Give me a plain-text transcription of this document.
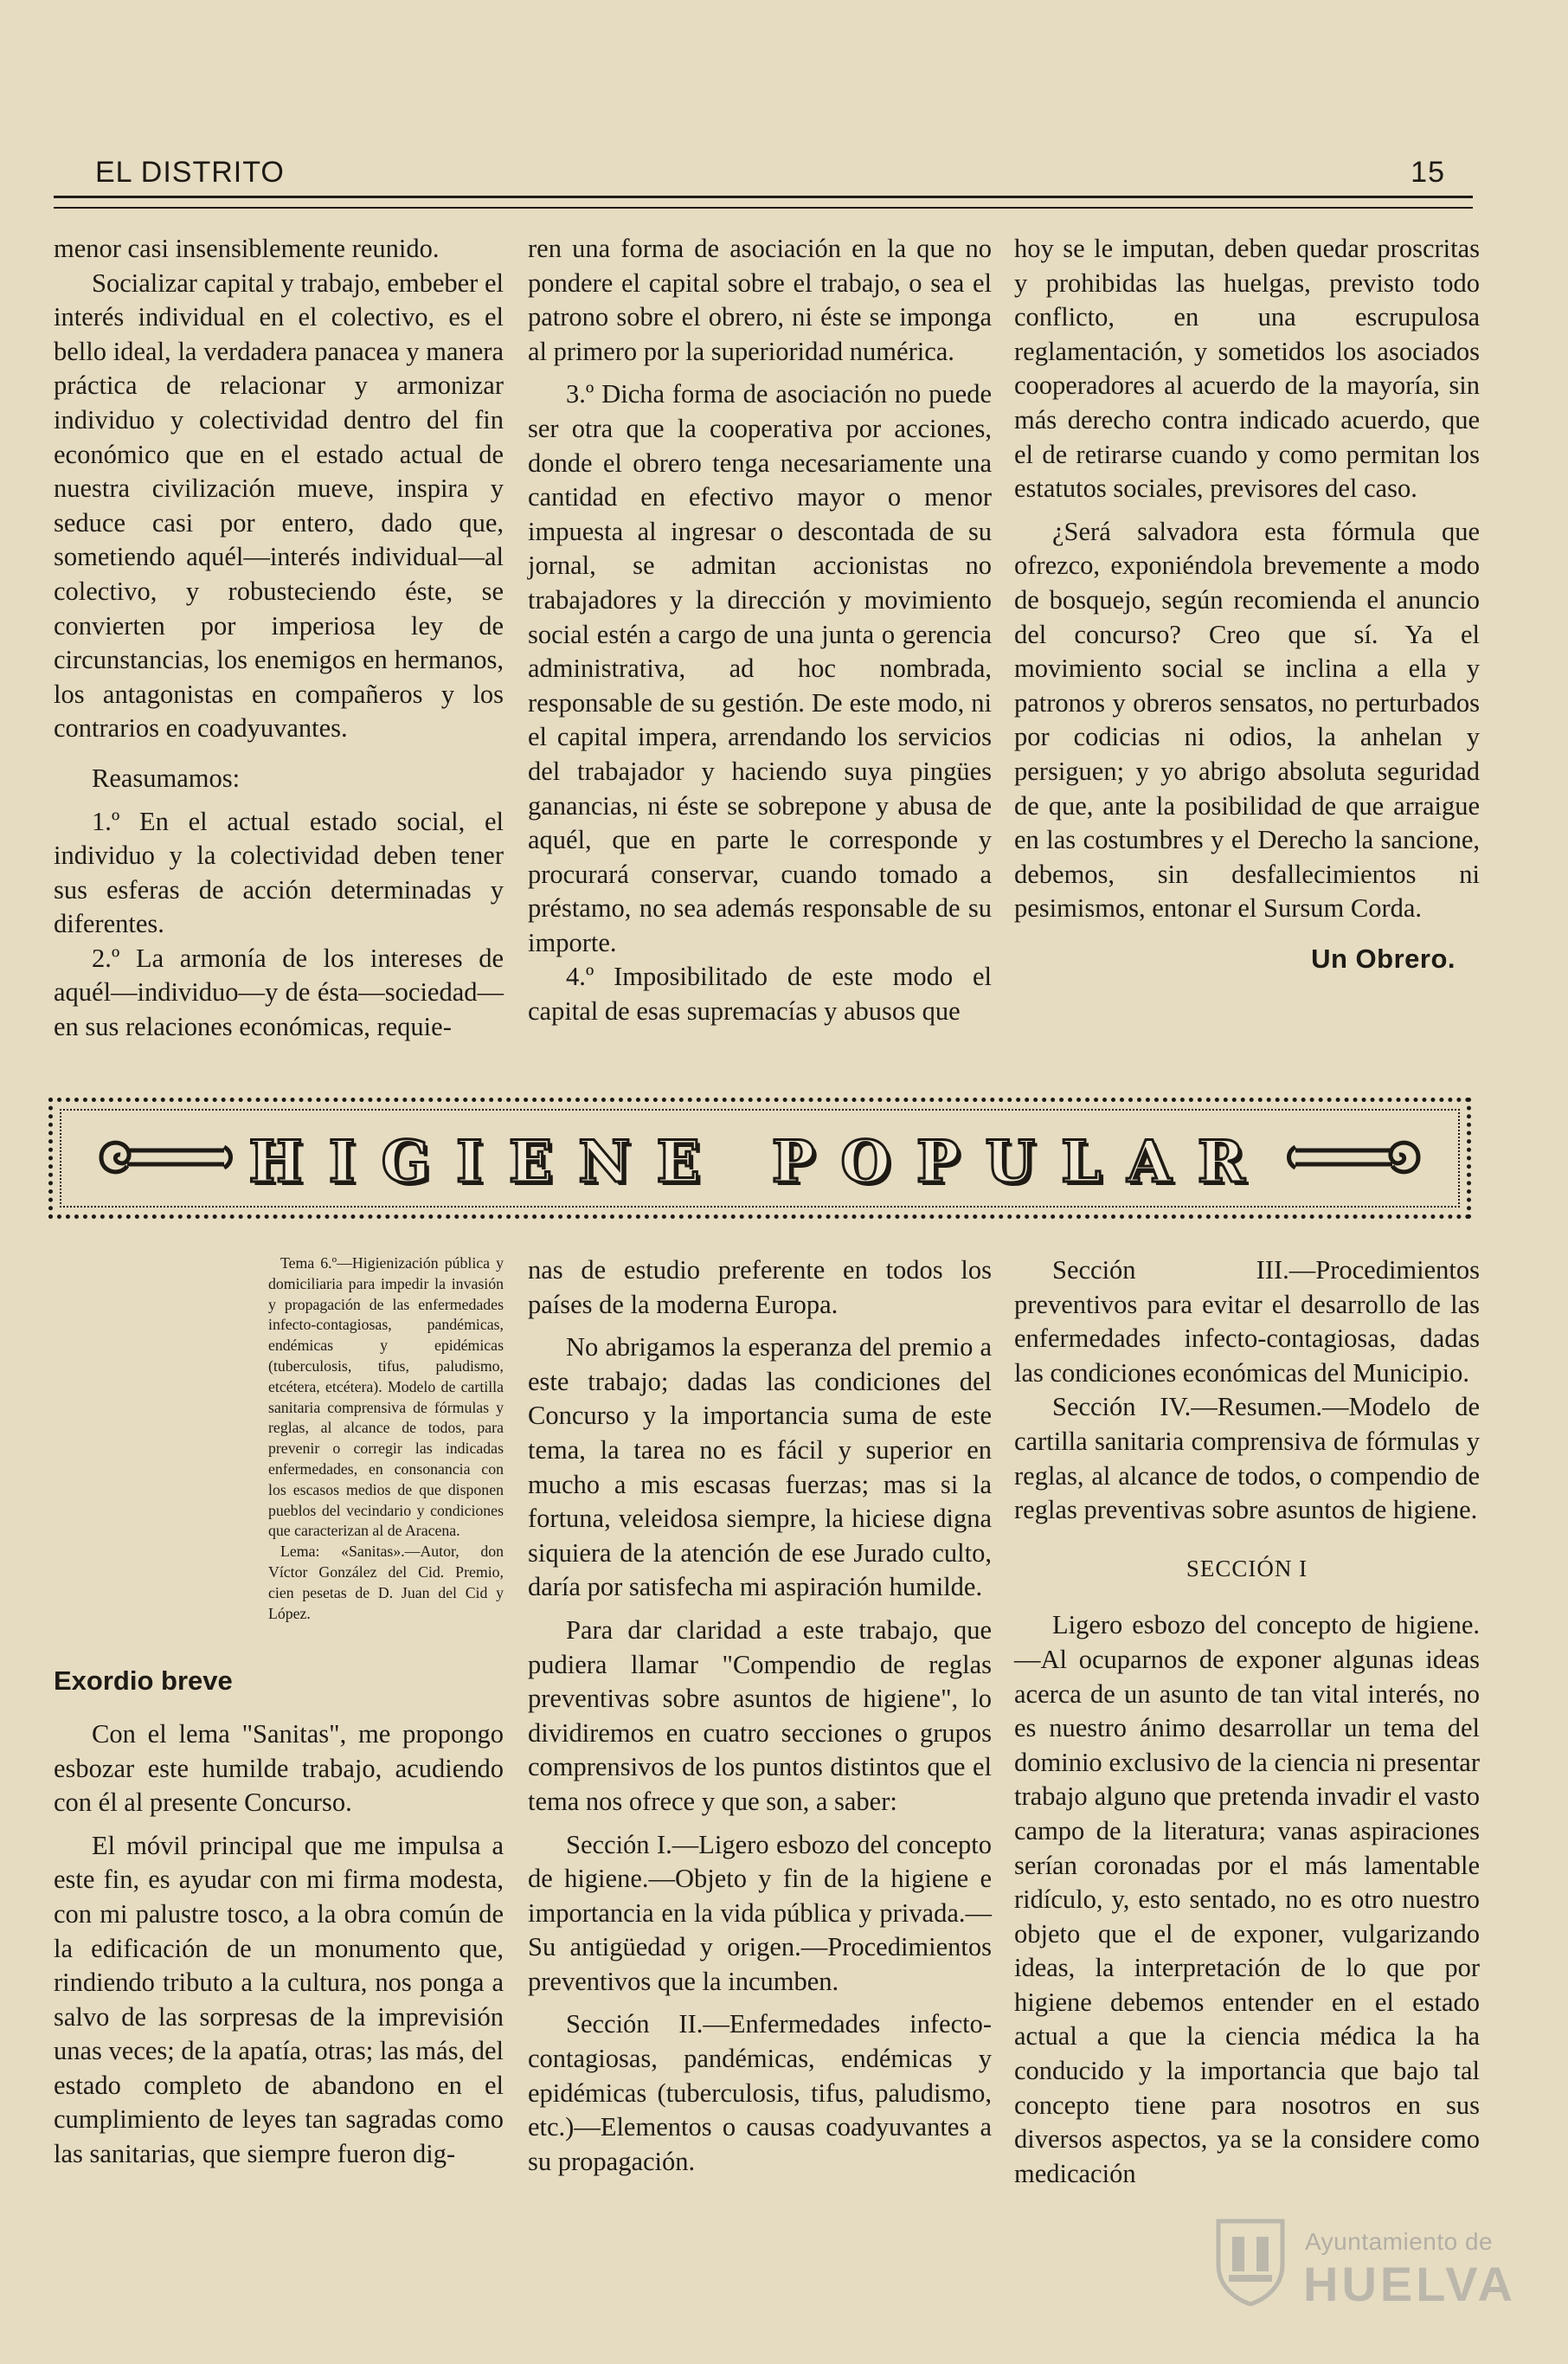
EL DISTRITO	15

menor casi insensiblemente reunido.

Socializar capital y trabajo, embeber el interés individual en el colectivo, es el bello ideal, la verdadera panacea y manera práctica de relacionar y armonizar individuo y colectividad dentro del fin económico que en el estado actual de nuestra civilización mueve, inspira y seduce casi por entero, dado que, sometiendo aquél—interés individual—al colectivo, y robusteciendo éste, se convierten por imperiosa ley de circunstancias, los enemigos en hermanos, los antagonistas en compañeros y los contrarios en coadyuvantes.

Reasumamos:

1.º En el actual estado social, el individuo y la colectividad deben tener sus esferas de acción determinadas y diferentes.

2.º La armonía de los intereses de aquél—individuo—y de ésta—sociedad—en sus relaciones económicas, requie-

ren una forma de asociación en la que no pondere el capital sobre el trabajo, o sea el patrono sobre el obrero, ni éste se imponga al primero por la superioridad numérica.

3.º Dicha forma de asociación no puede ser otra que la cooperativa por acciones, donde el obrero tenga necesariamente una cantidad en efectivo mayor o menor impuesta al ingresar o descontada de su jornal, se admitan accionistas no trabajadores y la dirección y movimiento social estén a cargo de una junta o gerencia administrativa, ad hoc nombrada, responsable de su gestión. De este modo, ni el capital impera, arrendando los servicios del trabajador y haciendo suya pingües ganancias, ni éste se sobrepone y abusa de aquél, que en parte le corresponde y procurará conservar, cuando tomado a préstamo, no sea además responsable de su importe.

4.º Imposibilitado de este modo el capital de esas supremacías y abusos que

hoy se le imputan, deben quedar proscritas y prohibidas las huelgas, previsto todo conflicto, en una escrupulosa reglamentación, y sometidos los asociados cooperadores al acuerdo de la mayoría, sin más derecho contra indicado acuerdo, que el de retirarse cuando y como permitan los estatutos sociales, previsores del caso.

¿Será salvadora esta fórmula que ofrezco, exponiéndola brevemente a modo de bosquejo, según recomienda el anuncio del concurso? Creo que sí. Ya el movimiento social se inclina a ella y patronos y obreros sensatos, no perturbados por codicias ni odios, la anhelan y persiguen; y yo abrigo absoluta seguridad de que, ante la posibilidad de que arraigue en las costumbres y el Derecho la sancione, debemos, sin desfallecimientos ni pesimismos, entonar el Sursum Corda.

Un Obrero.

HIGIENE POPULAR

Tema 6.º—Higienización pública y domiciliaria para impedir la invasión y propagación de las enfermedades infecto-contagiosas, pandémicas, endémicas y epidémicas (tuberculosis, tifus, paludismo, etcétera, etcétera). Modelo de cartilla sanitaria comprensiva de fórmulas y reglas, al alcance de todos, para prevenir o corregir las indicadas enfermedades, en consonancia con los escasos medios de que disponen pueblos del vecindario y condiciones que caracterizan al de Aracena.

Lema: «Sanitas».—Autor, don Víctor González del Cid. Premio, cien pesetas de D. Juan del Cid y López.

Exordio breve

Con el lema "Sanitas", me propongo esbozar este humilde trabajo, acudiendo con él al presente Concurso.

El móvil principal que me impulsa a este fin, es ayudar con mi firma modesta, con mi palustre tosco, a la obra común de la edificación de un monumento que, rindiendo tributo a la cultura, nos ponga a salvo de las sorpresas de la imprevisión unas veces; de la apatía, otras; las más, del estado completo de abandono en el cumplimiento de leyes tan sagradas como las sanitarias, que siempre fueron dig-

nas de estudio preferente en todos los países de la moderna Europa.

No abrigamos la esperanza del premio a este trabajo; dadas las condiciones del Concurso y la importancia suma de este tema, la tarea no es fácil y superior en mucho a mis escasas fuerzas; mas si la fortuna, veleidosa siempre, la hiciese digna siquiera de la atención de ese Jurado culto, daría por satisfecha mi aspiración humilde.

Para dar claridad a este trabajo, que pudiera llamar "Compendio de reglas preventivas sobre asuntos de higiene", lo dividiremos en cuatro secciones o grupos comprensivos de los puntos distintos que el tema nos ofrece y que son, a saber:

Sección I.—Ligero esbozo del concepto de higiene.—Objeto y fin de la higiene e importancia en la vida pública y privada.—Su antigüedad y origen.—Procedimientos preventivos que la incumben.

Sección II.—Enfermedades infecto-contagiosas, pandémicas, endémicas y epidémicas (tuberculosis, tifus, paludismo, etc.)—Elementos o causas coadyuvantes a su propagación.

Sección III.—Procedimientos preventivos para evitar el desarrollo de las enfermedades infecto-contagiosas, dadas las condiciones económicas del Municipio.

Sección IV.—Resumen.—Modelo de cartilla sanitaria comprensiva de fórmulas y reglas, al alcance de todos, o compendio de reglas preventivas sobre asuntos de higiene.

SECCIÓN I

Ligero esbozo del concepto de higiene.—Al ocuparnos de exponer algunas ideas acerca de un asunto de tan vital interés, no es nuestro ánimo desarrollar un tema del dominio exclusivo de la ciencia ni presentar trabajo alguno que pretenda invadir el vasto campo de la literatura; vanas aspiraciones serían coronadas por el más lamentable ridículo, y, esto sentado, no es otro nuestro objeto que el de exponer, vulgarizando ideas, la interpretación de lo que por higiene debemos entender en el estado actual a que la ciencia médica la ha conducido y la importancia que bajo tal concepto tiene para nosotros en sus diversos aspectos, ya se la considere como medicación

Ayuntamiento de
HUELVA
